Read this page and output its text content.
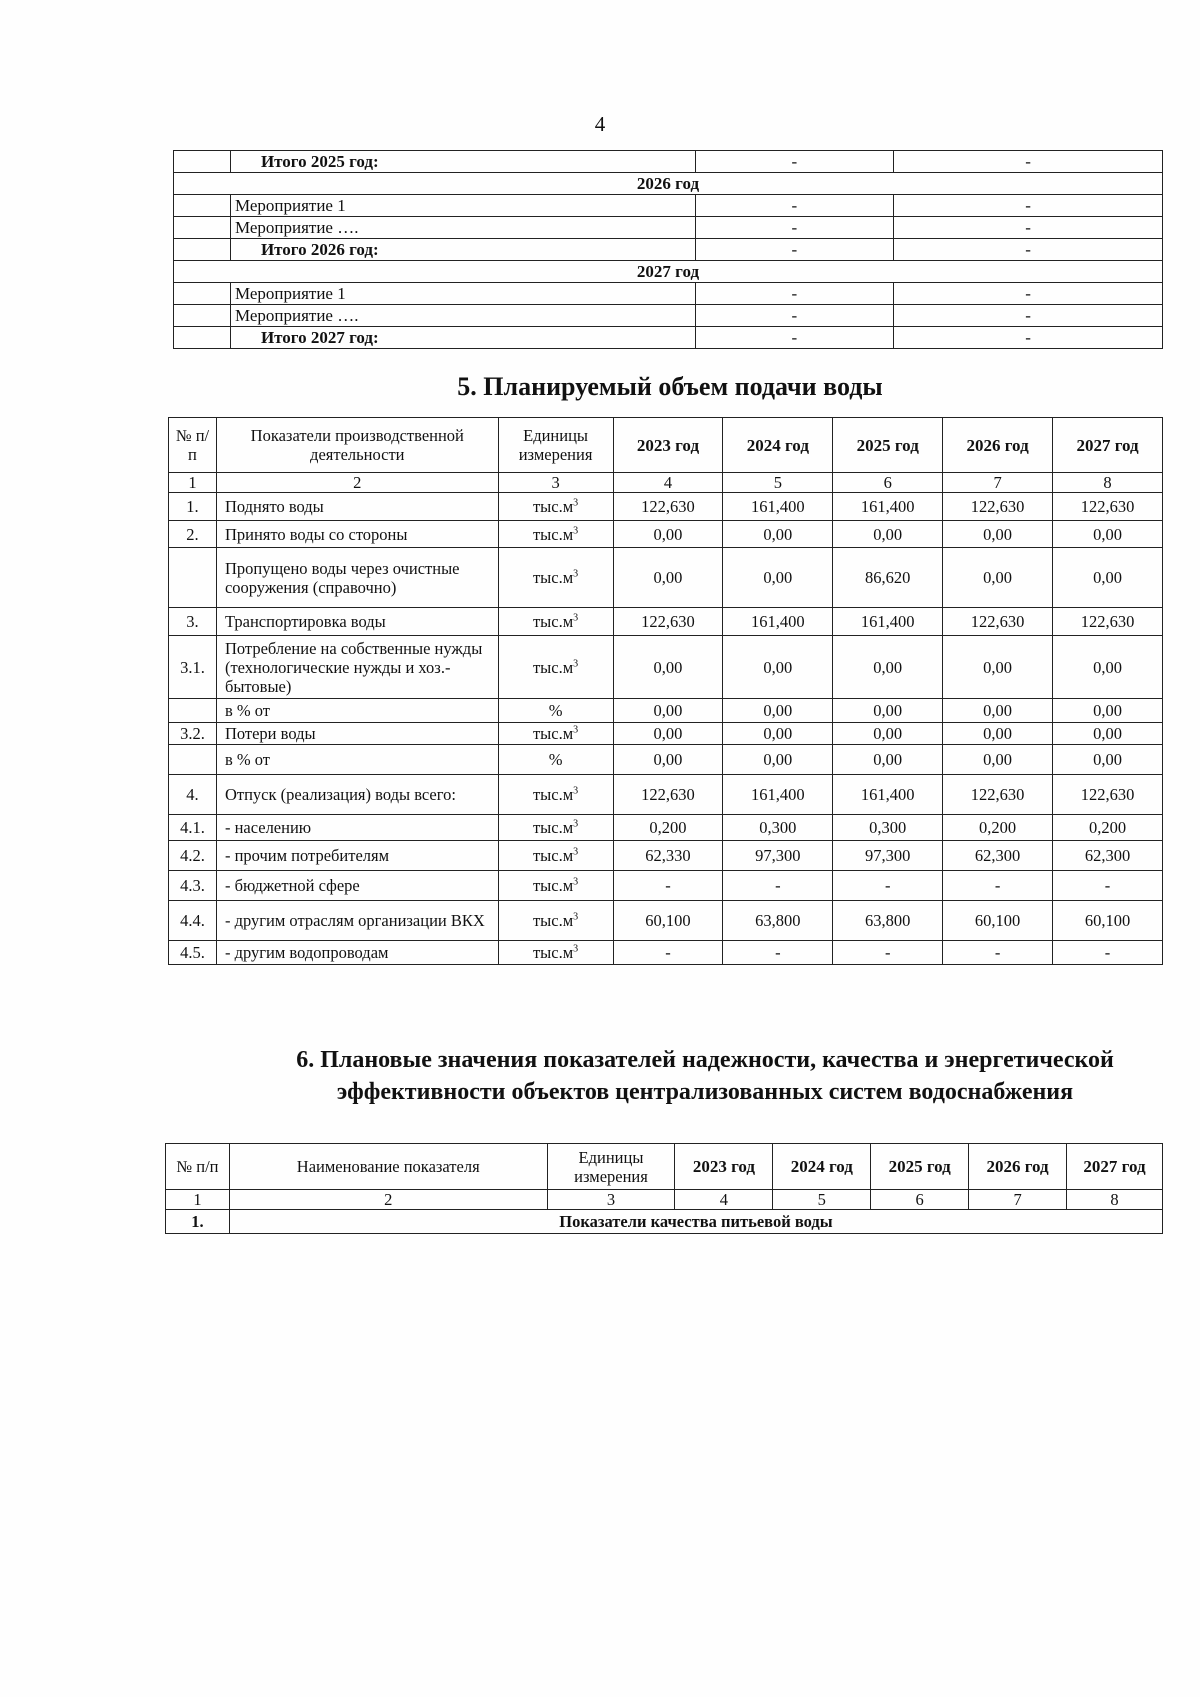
4
	Итого 2025 год:	-	-
2026 год			
	Мероприятие 1	-	-
	Мероприятие ….	-	-
	Итого 2026 год:	-	-
2027 год			
	Мероприятие 1	-	-
	Мероприятие ….	-	-
	Итого 2027 год:	-	-
5. Планируемый объем подачи воды
№ п/п	Показатели производственной деятельности	Единицы измерения	2023 год	2024 год	2025 год	2026 год	2027 год
1	2	3	4	5	6	7	8
1.	Поднято воды	$тыс.м^3$	122,630	161,400	161,400	122,630	122,630
2.	Принято воды со стороны	$тыс.м^3$	0,00	0,00	0,00	0,00	0,00
	Пропущено воды через очистные сооружения (справочно)	$тыс.м^3$	0,00	0,00	86,620	0,00	0,00
3.	Транспортировка воды	$тыс.м^3$	122,630	161,400	161,400	122,630	122,630
3.1.	Потребление на собственные нужды (технологические нужды и хоз.-бытовые)	$тыс.м^3$	0,00	0,00	0,00	0,00	0,00
	в % от	%	0,00	0,00	0,00	0,00	0,00
3.2.	Потери воды	$тыс.м^3$	0,00	0,00	0,00	0,00	0,00
	в % от	%	0,00	0,00	0,00	0,00	0,00
4.	Отпуск (реализация) воды всего:	$тыс.м^3$	122,630	161,400	161,400	122,630	122,630
4.1.	- населению	$тыс.м^3$	0,200	0,300	0,300	0,200	0,200
4.2.	- прочим потребителям	$тыс.м^3$	62,330	97,300	97,300	62,300	62,300
4.3.	- бюджетной сфере	$тыс.м^3$	-	-	-	-	-
4.4.	- другим отраслям организации ВКХ	$тыс.м^3$	60,100	63,800	63,800	60,100	60,100
4.5.	- другим водопроводам	$тыс.м^3$	-	-	-	-	-
6. Плановые значения показателей надежности, качества и энергетической эффективности объектов централизованных систем водоснабжения
№ п/п	Наименование показателя	Единицы измерения	2023 год	2024 год	2025 год	2026 год	2027 год
1	2	3	4	5	6	7	8
1.	Показатели качества питьевой воды						
